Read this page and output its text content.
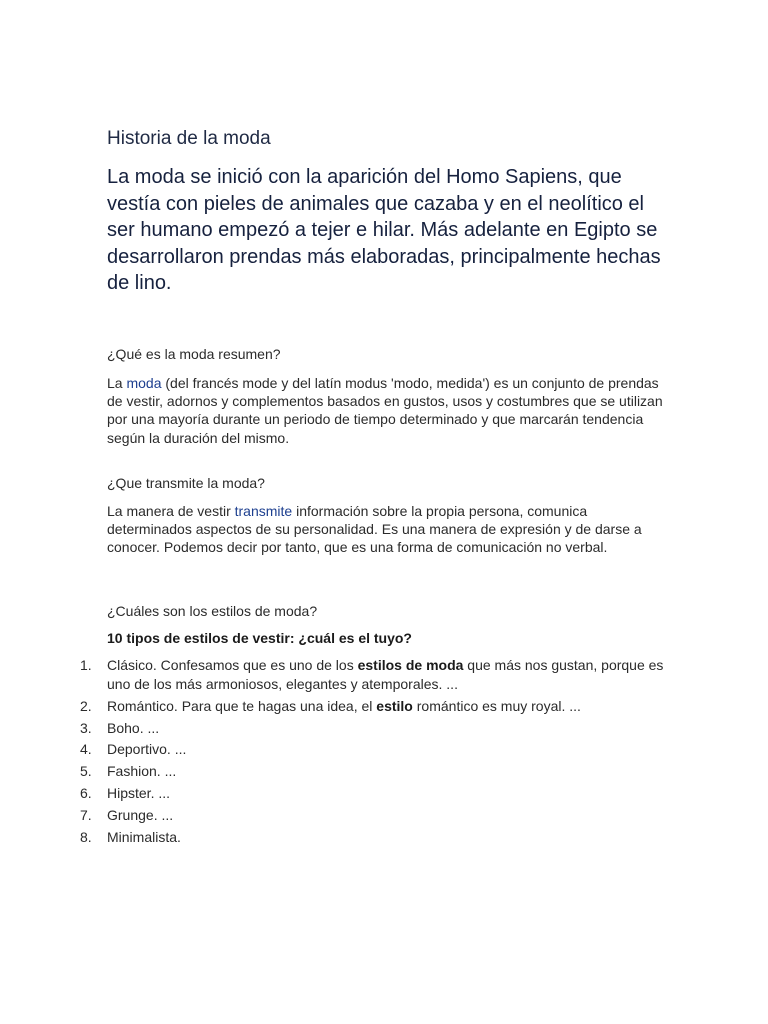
Historia de la moda

La moda se inició con la aparición del Homo Sapiens, que vestía con pieles de animales que cazaba y en el neolítico el ser humano empezó a tejer e hilar. Más adelante en Egipto se desarrollaron prendas más elaboradas, principalmente hechas de lino.

¿Qué es la moda resumen?

La moda (del francés mode y del latín modus 'modo, medida') es un conjunto de prendas de vestir, adornos y complementos basados en gustos, usos y costumbres que se utilizan por una mayoría durante un periodo de tiempo determinado y que marcarán tendencia según la duración del mismo.

¿Que transmite la moda?

La manera de vestir transmite información sobre la propia persona, comunica determinados aspectos de su personalidad. Es una manera de expresión y de darse a conocer. Podemos decir por tanto, que es una forma de comunicación no verbal.

¿Cuáles son los estilos de moda?

10 tipos de estilos de vestir: ¿cuál es el tuyo?

1.	Clásico. Confesamos que es uno de los estilos de moda que más nos gustan, porque es uno de los más armoniosos, elegantes y atemporales. ...
2.	Romántico. Para que te hagas una idea, el estilo romántico es muy royal. ...
3.	Boho. ...
4.	Deportivo. ...
5.	Fashion. ...
6.	Hipster. ...
7.	Grunge. ...
8.	Minimalista.
